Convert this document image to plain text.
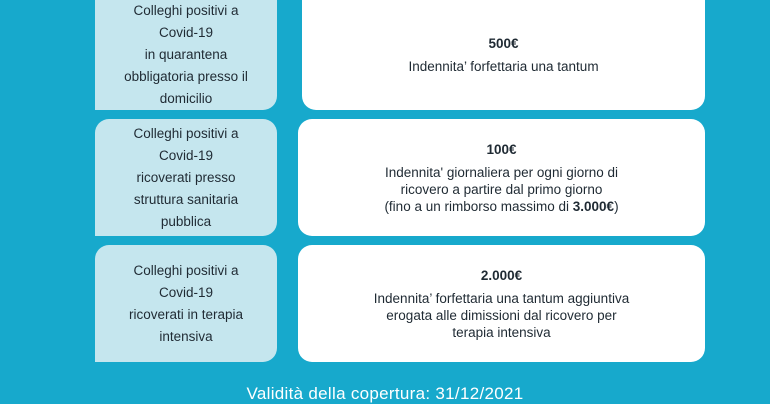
Colleghi positivi a
Covid-19
in quarantena
obbligatoria presso il
domicilio
500€
Indennita’ forfettaria una tantum
Colleghi positivi a
Covid-19
ricoverati presso
struttura sanitaria
pubblica
100€
Indennita' giornaliera per ogni giorno di
ricovero a partire dal primo giorno
(fino a un rimborso massimo di 3.000€)
Colleghi positivi a
Covid-19
ricoverati in terapia
intensiva
2.000€
Indennita’ forfettaria una tantum aggiuntiva
erogata alle dimissioni dal ricovero per
terapia intensiva
Validità della copertura: 31/12/2021
